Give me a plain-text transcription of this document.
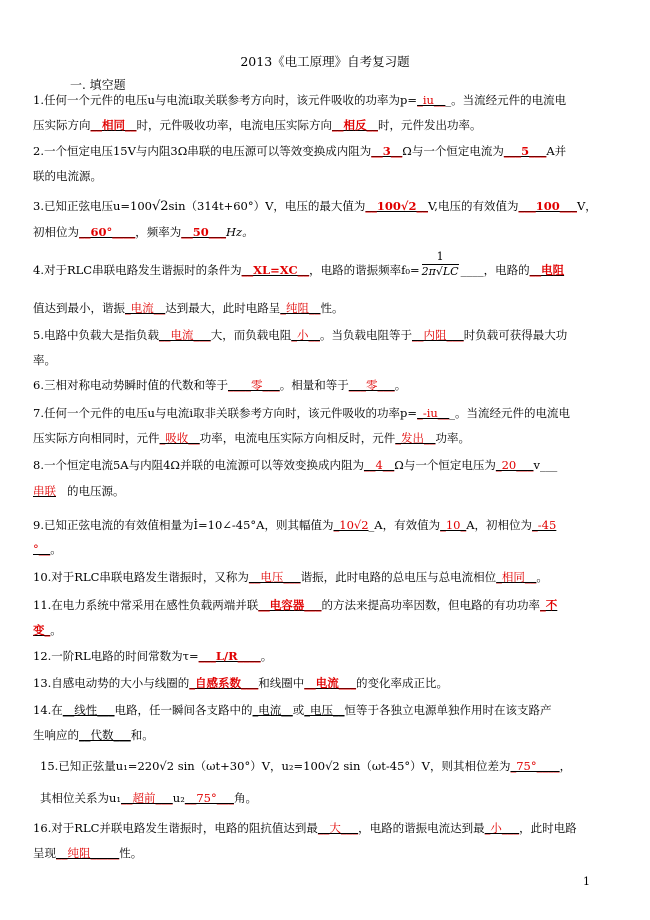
2013《电工原理》自考复习题
一. 填空题
1.任何一个元件的电压u与电流i取关联参考方向时，该元件吸收的功率为p=_iu___。当流经元件的电流电
压实际方向__相同__时，元件吸收功率，电流电压实际方向__相反__时，元件发出功率。
2.一个恒定电压15V与内阻3Ω串联的电压源可以等效变换成内阻为__3__Ω与一个恒定电流为___5___A并
联的电流源。
3.已知正弦电压u=100√2sin（314t+60°）V，电压的最大值为__100√2__V,电压的有效值为___100___V，
初相位为__60°____，频率为__50___Hz。
4.对于RLC串联电路发生谐振时的条件为__XL=XC__，电路的谐振频率$f_0= \frac{1}{2\pi√LC}$ ____，电路的__电阻
值达到最小，谐振_电流__达到最大，此时电路呈_纯阻__性。
5.电路中负载大是指负载__电流___大，而负载电阻_小__。当负载电阻等于__内阻___时负载可获得最大功
率。
6.三相对称电动势瞬时值的代数和等于____零___。相量和等于___零___。
7.任何一个元件的电压u与电流i取非关联参考方向时，该元件吸收的功率p=_-iu___。当流经元件的电流电
压实际方向相同时，元件_吸收__功率，电流电压实际方向相反时，元件_发出__功率。
8.一个恒定电流5A与内阻4Ω并联的电流源可以等效变换成内阻为__4__Ω与一个恒定电压为_20___v___
串联 的电压源。
9.已知正弦电流的有效值相量为İ=10∠-45°A，则其幅值为_10√2_A，有效值为_10_A，初相位为_-45
°__。
10.对于RLC串联电路发生谐振时，又称为__电压___谐振，此时电路的总电压与总电流相位_相同__。
11.在电力系统中常采用在感性负载两端并联__电容器___的方法来提高功率因数，但电路的有功功率_不
变_。
12.一阶RL电路的时间常数为τ=___L/R____。
13.自感电动势的大小与线圈的_自感系数___和线圈中__电流___的变化率成正比。
14.在__线性___电路，任一瞬间各支路中的_电流__或_电压__恒等于各独立电源单独作用时在该支路产
生响应的__代数___和。
15.已知正弦量u₁=220√2 sin（ωt+30°）V，u₂=100√2 sin（ωt-45°）V，则其相位差为_75°____，
其相位关系为u₁__超前___u₂__75°___角。
16.对于RLC并联电路发生谐振时，电路的阻抗值达到最__大___，电路的谐振电流达到最_小___，此时电路
呈现__纯阻_____性。
1
